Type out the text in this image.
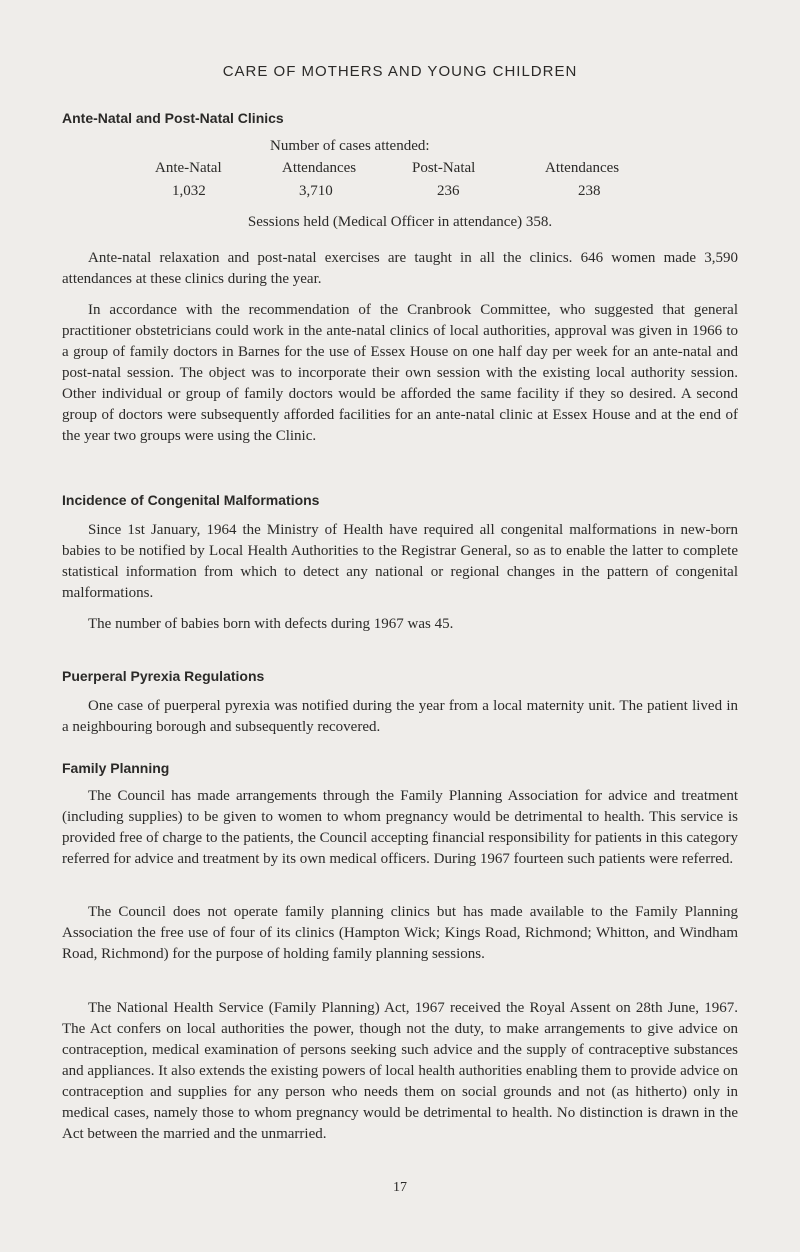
CARE OF MOTHERS AND YOUNG CHILDREN
Ante-Natal and Post-Natal Clinics
Number of cases attended:
Ante-Natal	Attendances	Post-Natal	Attendances
1,032	3,710	236	238
Sessions held (Medical Officer in attendance) 358.

Ante-natal relaxation and post-natal exercises are taught in all the clinics. 646 women made 3,590 attendances at these clinics during the year.

In accordance with the recommendation of the Cranbrook Committee, who suggested that general practitioner obstetricians could work in the ante-natal clinics of local authorities, approval was given in 1966 to a group of family doctors in Barnes for the use of Essex House on one half day per week for an ante-natal and post-natal session. The object was to incorporate their own session with the existing local authority session. Other individual or group of family doctors would be afforded the same facility if they so desired. A second group of doctors were subsequently afforded facilities for an ante-natal clinic at Essex House and at the end of the year two groups were using the Clinic.

Incidence of Congenital Malformations

Since 1st January, 1964 the Ministry of Health have required all congenital malformations in new-born babies to be notified by Local Health Authorities to the Registrar General, so as to enable the latter to complete statistical information from which to detect any national or regional changes in the pattern of congenital malformations.

The number of babies born with defects during 1967 was 45.

Puerperal Pyrexia Regulations

One case of puerperal pyrexia was notified during the year from a local maternity unit. The patient lived in a neighbouring borough and subsequently recovered.

Family Planning

The Council has made arrangements through the Family Planning Association for advice and treatment (including supplies) to be given to women to whom pregnancy would be detrimental to health. This service is provided free of charge to the patients, the Council accepting financial responsibility for patients in this category referred for advice and treatment by its own medical officers. During 1967 fourteen such patients were referred.

The Council does not operate family planning clinics but has made available to the Family Planning Association the free use of four of its clinics (Hampton Wick; Kings Road, Richmond; Whitton, and Windham Road, Richmond) for the purpose of holding family planning sessions.

The National Health Service (Family Planning) Act, 1967 received the Royal Assent on 28th June, 1967. The Act confers on local authorities the power, though not the duty, to make arrangements to give advice on contraception, medical examination of persons seeking such advice and the supply of contraceptive substances and appliances. It also extends the existing powers of local health authorities enabling them to provide advice on contraception and supplies for any person who needs them on social grounds and not (as hitherto) only in medical cases, namely those to whom pregnancy would be detrimental to health. No distinction is drawn in the Act between the married and the unmarried.

17
